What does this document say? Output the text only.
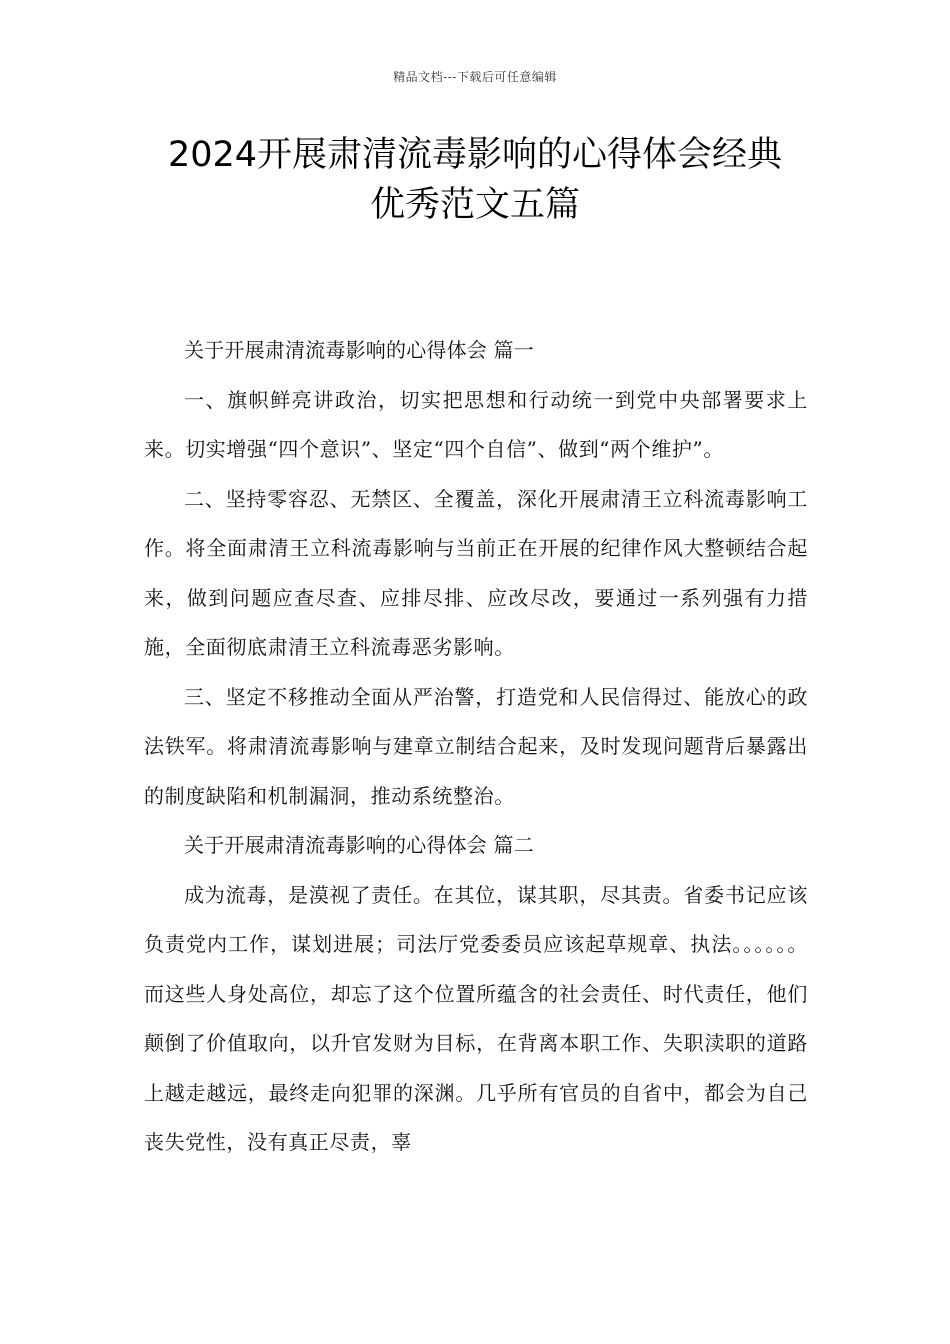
精品文档---下载后可任意编辑
2024开展肃清流毒影响的心得体会经典
优秀范文五篇

关于开展肃清流毒影响的心得体会 篇一

一、旗帜鲜亮讲政治，切实把思想和行动统一到党中央部署要求上来。切实增强“四个意识”、坚定“四个自信”、做到“两个维护”。

二、坚持零容忍、无禁区、全覆盖，深化开展肃清王立科流毒影响工作。将全面肃清王立科流毒影响与当前正在开展的纪律作风大整顿结合起来，做到问题应查尽查、应排尽排、应改尽改，要通过一系列强有力措施，全面彻底肃清王立科流毒恶劣影响。

三、坚定不移推动全面从严治警，打造党和人民信得过、能放心的政法铁军。将肃清流毒影响与建章立制结合起来，及时发现问题背后暴露出的制度缺陷和机制漏洞，推动系统整治。

关于开展肃清流毒影响的心得体会 篇二

成为流毒，是漠视了责任。在其位，谋其职，尽其责。省委书记应该负责党内工作，谋划进展；司法厅党委委员应该起草规章、执法。。。。。。而这些人身处高位，却忘了这个位置所蕴含的社会责任、时代责任，他们颠倒了价值取向，以升官发财为目标，在背离本职工作、失职渎职的道路上越走越远，最终走向犯罪的深渊。几乎所有官员的自省中，都会为自己丧失党性，没有真正尽责，辜
